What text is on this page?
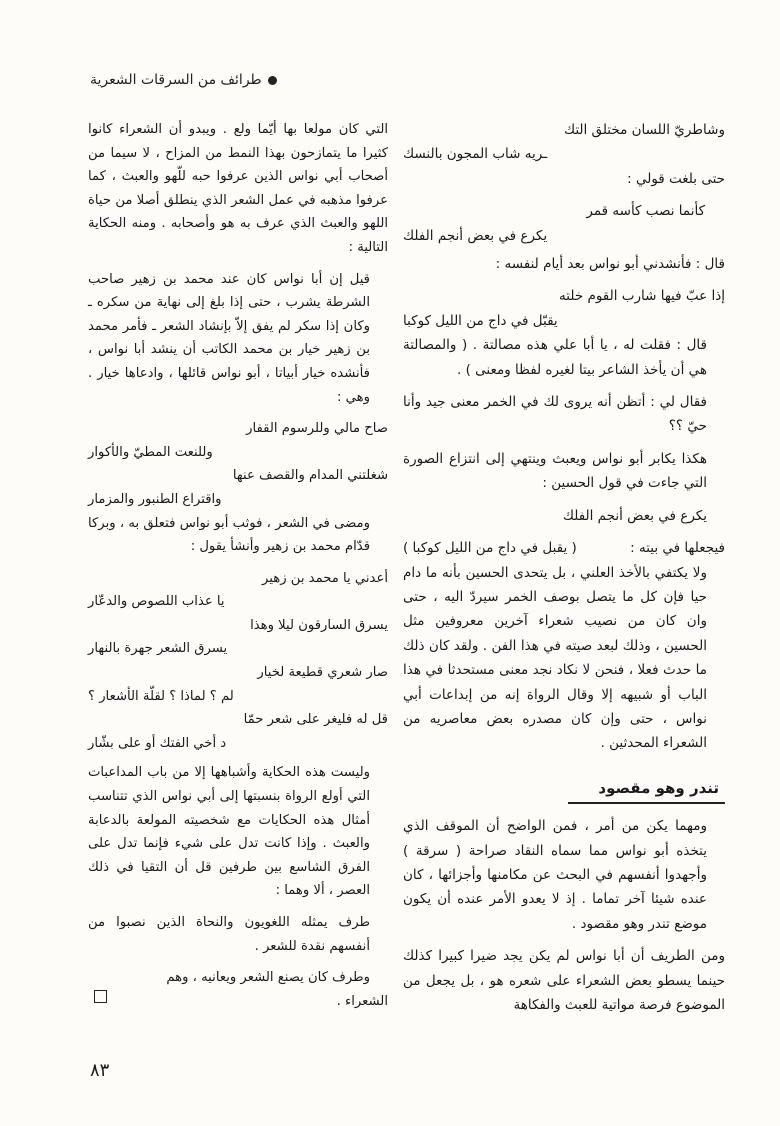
طرائف من السرقات الشعرية
وشاطريّ اللسان مختلق التك
ـريه شاب المجون بالنسك

حتى بلغت قولي :

كأنما نصب كأسه قمر
يكرع في بعض أنجم الفلك

قال : فأنشدني أبو نواس بعد أيام لنفسه :

إذا عبّ فيها شارب القوم خلته
يقبّل في داج من الليل كوكبا

قال : فقلت له ، يا أبا علي هذه مصالتة . ( والمصالتة هي أن يأخذ الشاعر بيتا لغيره لفظا ومعنى ) .

فقال لي : أتظن أنه يروى لك في الخمر معنى جيد وأنا حيّ ؟؟

هكذا يكابر أبو نواس ويعبث وينتهي إلى انتزاع الصورة التي جاءت في قول الحسين :

يكرع في بعض أنجم الفلك
فيجعلها في بيته :
( يقبل في داج من الليل كوكبا )

ولا يكتفي بالأخذ العلني ، بل يتحدى الحسين بأنه ما دام حيا فإن كل ما يتصل بوصف الخمر سيردّ اليه ، حتى وان كان من نصيب شعراء آخرين معروفين مثل الحسين ، وذلك لبعد صيته في هذا الفن . ولقد كان ذلك ما حدث فعلا ، فنحن لا نكاد نجد معنى مستحدثا في هذا الباب أو شبيهه إلا وقال الرواة إنه من إبداعات أبي نواس ، حتى وإن كان مصدره بعض معاصريه من الشعراء المحدثين .

تندر وهو مقصود

ومهما يكن من أمر ، فمن الواضح أن الموقف الذي يتخذه أبو نواس مما سماه النقاد صراحة ( سرقة ) وأجهدوا أنفسهم في البحث عن مكامنها وأجزائها ، كان عنده شيئا آخر تماما . إذ لا يعدو الأمر عنده أن يكون موضع تندر وهو مقصود .

ومن الطريف أن أبا نواس لم يكن يجد ضيرا كبيرا كذلك حينما يسطو بعض الشعراء على شعره هو ، بل يجعل من الموضوع فرصة مواتية للعبث والفكاهة

التي كان مولعا بها أيّما ولع . ويبدو أن الشعراء كانوا كثيرا ما يتمازحون بهذا النمط من المزاح ، لا سيما من أصحاب أبي نواس الذين عرفوا حبه للّهو والعبث ، كما عرفوا مذهبه في عمل الشعر الذي ينطلق أصلا من حياة اللهو والعبث الذي عرف به هو وأصحابه . ومنه الحكاية التالية :

قيل إن أبا نواس كان عند محمد بن زهير صاحب الشرطة يشرب ، حتى إذا بلغ إلى نهاية من سكره ـ وكان إذا سكر لم يفق إلاّ بإنشاد الشعر ـ فأمر محمد بن زهير خيار بن محمد الكاتب أن ينشد أبا نواس ، فأنشده خيار أبياتا ، أبو نواس قائلها ، وادعاها خيار . وهي :

صاح مالي وللرسوم القفار
وللنعت المطيّ والأكوار
شغلتني المدام والقصف عنها
واقتراع الطنبور والمزمار

ومضى في الشعر ، فوثب أبو نواس فتعلق به ، وبركا قدّام محمد بن زهير وأنشأ يقول :

أعدني يا محمد بن زهير
يا عذاب اللصوص والدعّار
يسرق السارقون ليلا وهذا
يسرق الشعر جهرة بالنهار
صار شعري قطيعة لخيار
لم ؟ لماذا ؟ لقلّة الأشعار ؟
قل له فليغر على شعر حمّا
د أخي الفتك أو على بشّار

وليست هذه الحكاية وأشباهها إلا من باب المداعبات التي أولع الرواة بنسبتها إلى أبي نواس الذي تتناسب أمثال هذه الحكايات مع شخصيته المولعة بالدعابة والعبث . وإذا كانت تدل على شيء فإنما تدل على الفرق الشاسع بين طرفين قل أن التقيا في ذلك العصر ، ألا وهما :

طرف يمثله اللغويون والنحاة الذين نصبوا من أنفسهم نقدة للشعر .

وطرف كان يصنع الشعر ويعانيه ، وهم

الشعراء .
٨٣
